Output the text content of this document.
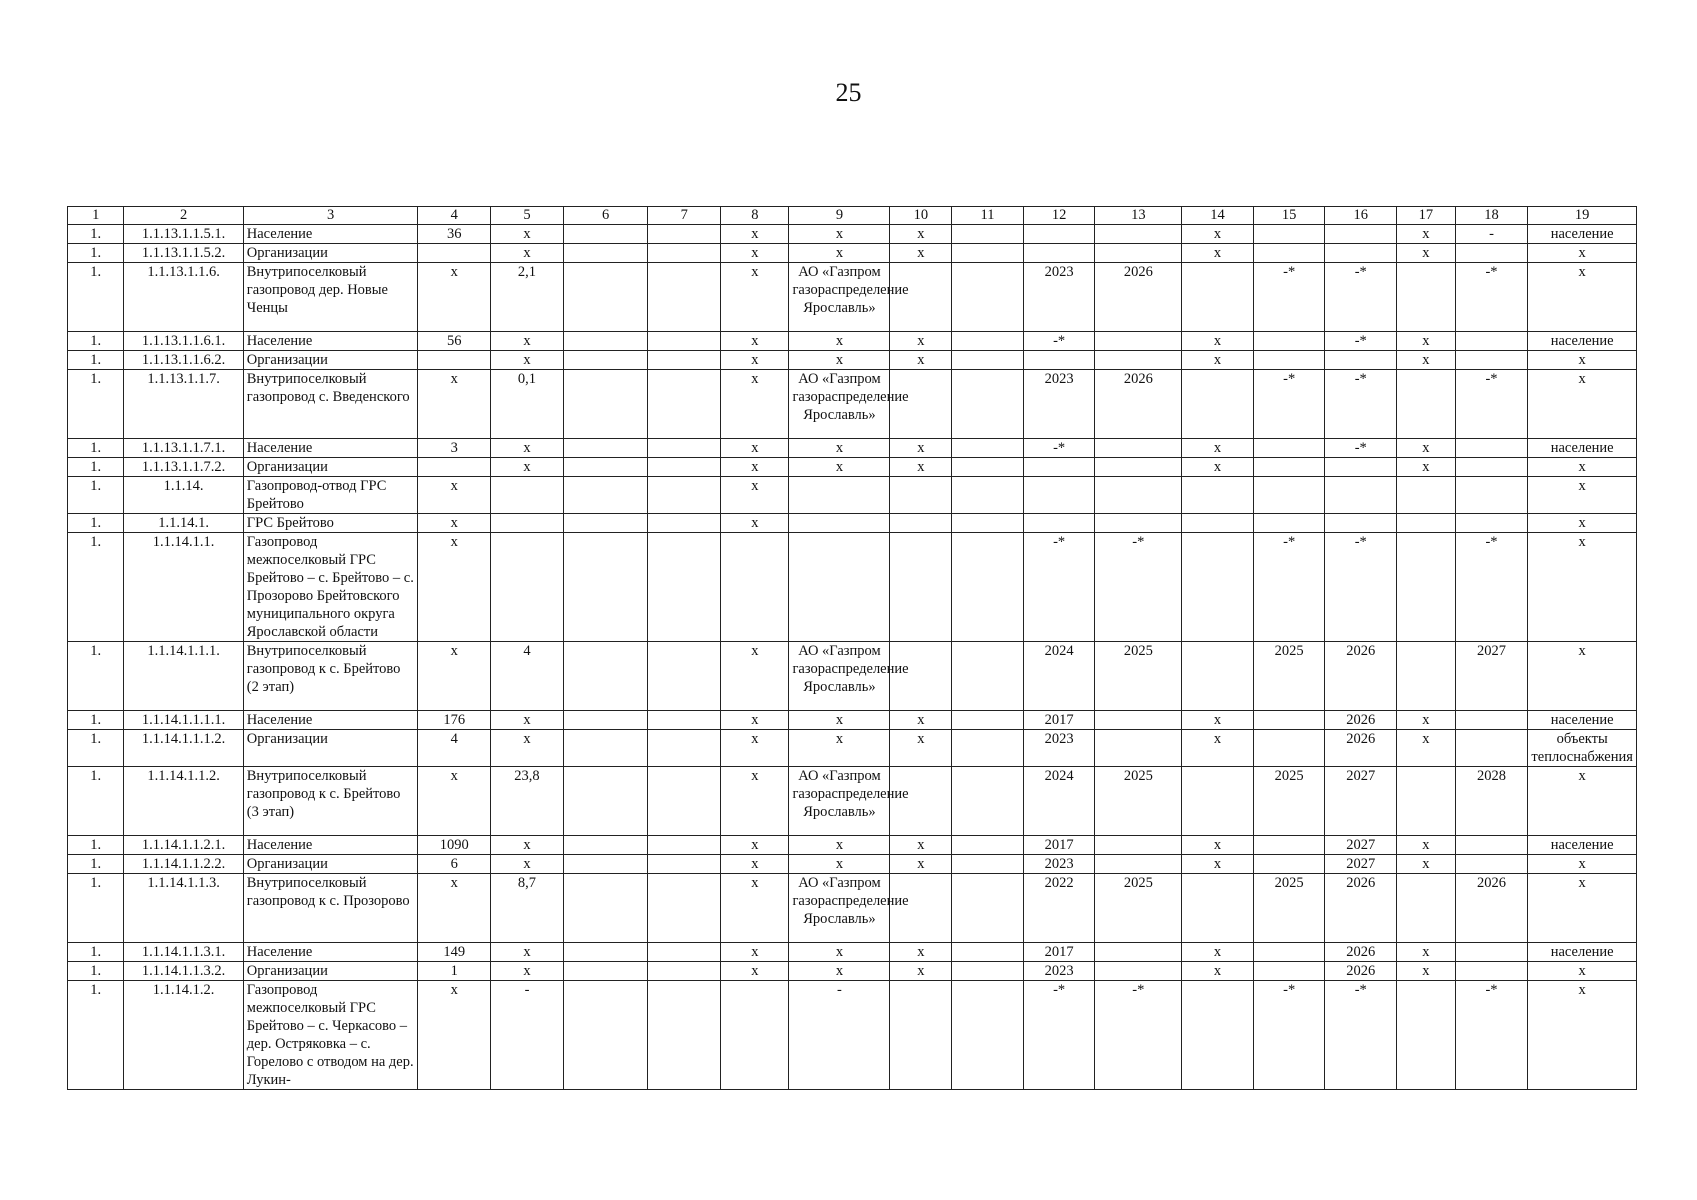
25
1	2	3	4	5	6	7	8	9	10	11	12	13	14	15	16	17	18	19
1.	1.1.13.1.1.5.1.	Население	36	х			х	х	х				х			х	-	население
1.	1.1.13.1.1.5.2.	Организации		х			х	х	х				х			х		х
1.	1.1.13.1.1.6.	Внутрипоселковый газопровод дер. Новые Ченцы	х	2,1			х	АО «Газпром газораспределение Ярославль»			2023	2026		-*	-*		-*	х
1.	1.1.13.1.1.6.1.	Население	56	х			х	х	х		-*		х		-*	х		население
1.	1.1.13.1.1.6.2.	Организации		х			х	х	х				х			х		х
1.	1.1.13.1.1.7.	Внутрипоселковый газопровод с. Введенского	х	0,1			х	АО «Газпром газораспределение Ярославль»			2023	2026		-*	-*		-*	х
1.	1.1.13.1.1.7.1.	Население	3	х			х	х	х		-*		х		-*	х		население
1.	1.1.13.1.1.7.2.	Организации		х			х	х	х				х			х		х
1.	1.1.14.	Газопровод-отвод ГРС Брейтово	х				х											х
1.	1.1.14.1.	ГРС Брейтово	х				х											х
1.	1.1.14.1.1.	Газопровод межпоселковый ГРС Брейтово – с. Брейтово – с. Прозорово Брейтовского муниципального округа Ярославской области	х								-*	-*		-*	-*		-*	х
1.	1.1.14.1.1.1.	Внутрипоселковый газопровод к с. Брейтово (2 этап)	х	4			х	АО «Газпром газораспределение Ярославль»			2024	2025		2025	2026		2027	х
1.	1.1.14.1.1.1.1.	Население	176	х			х	х	х		2017		х		2026	х		население
1.	1.1.14.1.1.1.2.	Организации	4	х			х	х	х		2023		х		2026	х		объекты теплоснабжения
1.	1.1.14.1.1.2.	Внутрипоселковый газопровод к с. Брейтово (3 этап)	х	23,8			х	АО «Газпром газораспределение Ярославль»			2024	2025		2025	2027		2028	х
1.	1.1.14.1.1.2.1.	Население	1090	х			х	х	х		2017		х		2027	х		население
1.	1.1.14.1.1.2.2.	Организации	6	х			х	х	х		2023		х		2027	х		х
1.	1.1.14.1.1.3.	Внутрипоселковый газопровод к с. Прозорово	х	8,7			х	АО «Газпром газораспределение Ярославль»			2022	2025		2025	2026		2026	х
1.	1.1.14.1.1.3.1.	Население	149	х			х	х	х		2017		х		2026	х		население
1.	1.1.14.1.1.3.2.	Организации	1	х			х	х	х		2023		х		2026	х		х
1.	1.1.14.1.2.	Газопровод межпоселковый ГРС Брейтово – с. Черкасово – дер. Остряковка – с. Горелово с отводом на дер. Лукин-	х	-				-			-*	-*		-*	-*		-*	х
